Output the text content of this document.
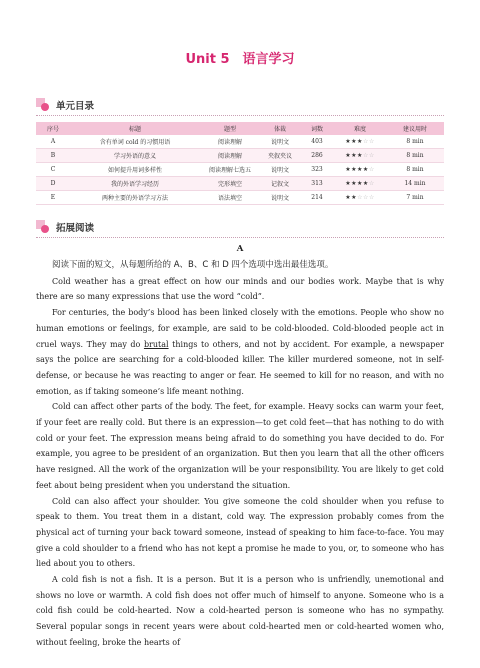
Unit 5　语言学习
单元目录
序号	标题	题型	体裁	词数	难度	建议用时
A	含有单词 cold 的习惯用语	阅读理解	说明文	403	★★★☆☆	8 min
B	学习外语的意义	阅读理解	夹叙夹议	286	★★★☆☆	8 min
C	如何提升用词多样性	阅读理解七选五	说明文	323	★★★★☆	8 min
D	我的外语学习经历	完形填空	记叙文	313	★★★★☆	14 min
E	两种主要的外语学习方法	语法填空	说明文	214	★★☆☆☆	7 min
拓展阅读
A

阅读下面的短文，从每题所给的 A、B、C 和 D 四个选项中选出最佳选项。

Cold weather has a great effect on how our minds and our bodies work. Maybe that is why there are so many expressions that use the word “cold”.

For centuries, the body’s blood has been linked closely with the emotions. People who show no human emotions or feelings, for example, are said to be cold-blooded. Cold-blooded people act in cruel ways. They may do brutal things to others, and not by accident. For example, a newspaper says the police are searching for a cold-blooded killer. The killer murdered someone, not in self-defense, or because he was reacting to anger or fear. He seemed to kill for no reason, and with no emotion, as if taking someone’s life meant nothing.

Cold can affect other parts of the body. The feet, for example. Heavy socks can warm your feet, if your feet are really cold. But there is an expression—to get cold feet—that has nothing to do with cold or your feet. The expression means being afraid to do something you have decided to do. For example, you agree to be president of an organization. But then you learn that all the other officers have resigned. All the work of the organization will be your responsibility. You are likely to get cold feet about being president when you understand the situation.

Cold can also affect your shoulder. You give someone the cold shoulder when you refuse to speak to them. You treat them in a distant, cold way. The expression probably comes from the physical act of turning your back toward someone, instead of speaking to him face-to-face. You may give a cold shoulder to a friend who has not kept a promise he made to you, or, to someone who has lied about you to others.

A cold fish is not a fish. It is a person. But it is a person who is unfriendly, unemotional and shows no love or warmth. A cold fish does not offer much of himself to anyone. Someone who is a cold fish could be cold-hearted. Now a cold-hearted person is someone who has no sympathy. Several popular songs in recent years were about cold-hearted men or cold-hearted women who, without feeling, broke the hearts of
